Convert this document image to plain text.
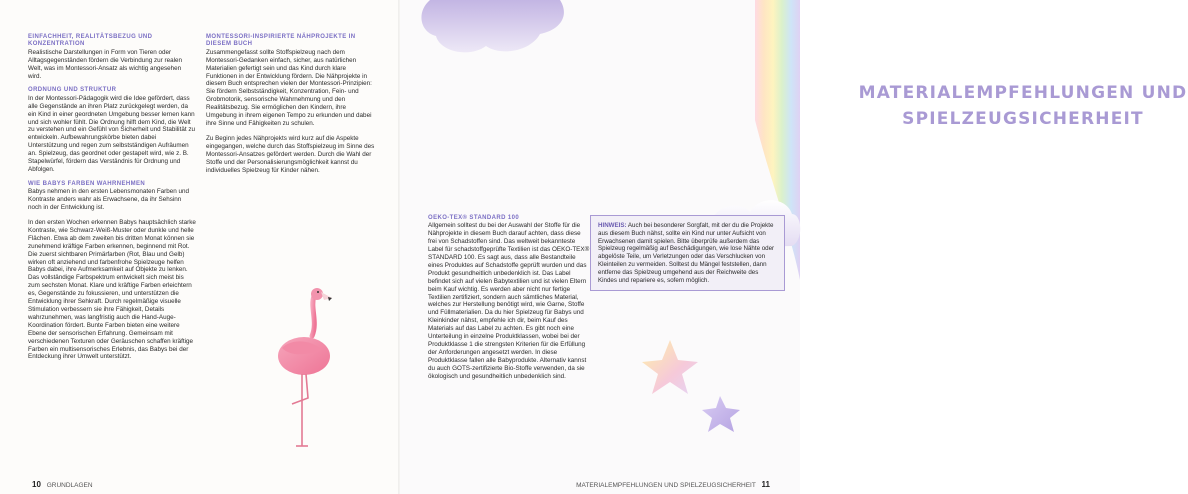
EINFACHHEIT, REALITÄTSBEZUG UND KONZENTRATION

Realistische Darstellungen in Form von Tieren oder Alltagsgegenständen fördern die Verbindung zur realen Welt, was im Montessori-Ansatz als wichtig angesehen wird.

ORDNUNG UND STRUKTUR

In der Montessori-Pädagogik wird die Idee gefördert, dass alle Gegenstände an ihren Platz zurückgelegt werden, da ein Kind in einer geordneten Umgebung besser lernen kann und sich wohler fühlt. Die Ordnung hilft dem Kind, die Welt zu verstehen und ein Gefühl von Sicherheit und Stabilität zu entwickeln. Aufbewahrungskörbe bieten dabei Unterstützung und regen zum selbstständigen Aufräumen an. Spielzeug, das geordnet oder gestapelt wird, wie z. B. Stapelwürfel, fördern das Verständnis für Ordnung und Abfolgen.

WIE BABYS FARBEN WAHRNEHMEN

Babys nehmen in den ersten Lebensmonaten Farben und Kontraste anders wahr als Erwachsene, da ihr Sehsinn noch in der Entwicklung ist.

In den ersten Wochen erkennen Babys hauptsächlich starke Kontraste, wie Schwarz-Weiß-Muster oder dunkle und helle Flächen. Etwa ab dem zweiten bis dritten Monat können sie zunehmend kräftige Farben erkennen, beginnend mit Rot. Die zuerst sichtbaren Primärfarben (Rot, Blau und Gelb) wirken oft anziehend und farbenfrohe Spielzeuge helfen Babys dabei, ihre Aufmerksamkeit auf Objekte zu lenken. Das vollständige Farbspektrum entwickelt sich meist bis zum sechsten Monat. Klare und kräftige Farben erleichtern es, Gegenstände zu fokussieren, und unterstützen die Entwicklung ihrer Sehkraft. Durch regelmäßige visuelle Stimulation verbessern sie ihre Fähigkeit, Details wahrzunehmen, was langfristig auch die Hand-Auge-Koordination fördert. Bunte Farben bieten eine weitere Ebene der sensorischen Erfahrung. Gemeinsam mit verschiedenen Texturen oder Geräuschen schaffen kräftige Farben ein multisensorisches Erlebnis, das Babys bei der Entdeckung ihrer Umwelt unterstützt.

MONTESSORI-INSPIRIERTE NÄHPROJEKTE IN DIESEM BUCH

Zusammengefasst sollte Stoffspielzeug nach dem Montessori-Gedanken einfach, sicher, aus natürlichen Materialien gefertigt sein und das Kind durch klare Funktionen in der Entwicklung fördern. Die Nähprojekte in diesem Buch entsprechen vielen der Montessori-Prinzipien: Sie fördern Selbstständigkeit, Konzentration, Fein- und Grobmotorik, sensorische Wahrnehmung und den Realitätsbezug. Sie ermöglichen den Kindern, ihre Umgebung in ihrem eigenen Tempo zu erkunden und dabei ihre Sinne und Fähigkeiten zu schulen.

Zu Beginn jedes Nähprojekts wird kurz auf die Aspekte eingegangen, welche durch das Stoffspielzeug im Sinne des Montessori-Ansatzes gefördert werden. Durch die Wahl der Stoffe und der Personalisierungsmöglichkeit kannst du individuelles Spielzeug für Kinder nähen.

10 GRUNDLAGEN
MATERIALEMPFEHLUNGEN UND SPIELZEUGSICHERHEIT

OEKO-TEX® STANDARD 100

Allgemein solltest du bei der Auswahl der Stoffe für die Nähprojekte in diesem Buch darauf achten, dass diese frei von Schadstoffen sind. Das weltweit bekannteste Label für schadstoffgeprüfte Textilien ist das OEKO-TEX® STANDARD 100. Es sagt aus, dass alle Bestandteile eines Produktes auf Schadstoffe geprüft wurden und das Produkt gesundheitlich unbedenklich ist. Das Label befindet sich auf vielen Babytextilien und ist vielen Eltern beim Kauf wichtig. Es werden aber nicht nur fertige Textilien zertifiziert, sondern auch sämtliches Material, welches zur Herstellung benötigt wird, wie Garne, Stoffe und Füllmaterialien. Da du hier Spielzeug für Babys und Kleinkinder nähst, empfehle ich dir, beim Kauf des Materials auf das Label zu achten. Es gibt noch eine Unterteilung in einzelne Produktklassen, wobei bei der Produktklasse 1 die strengsten Kriterien für die Erfüllung der Anforderungen angesetzt werden. In diese Produktklasse fallen alle Babyprodukte. Alternativ kannst du auch GOTS-zertifizierte Bio-Stoffe verwenden, da sie ökologisch und gesundheitlich unbedenklich sind.

HINWEIS: Auch bei besonderer Sorgfalt, mit der du die Projekte aus diesem Buch nähst, sollte ein Kind nur unter Aufsicht von Erwachsenen damit spielen. Bitte überprüfe außerdem das Spielzeug regelmäßig auf Beschädigungen, wie lose Nähte oder abgelöste Teile, um Verletzungen oder das Verschlucken von Kleinteilen zu vermeiden. Solltest du Mängel feststellen, dann entferne das Spielzeug umgehend aus der Reichweite des Kindes und repariere es, sofern möglich.
MATERIALEMPFEHLUNGEN UND SPIELZEUGSICHERHEIT 11
